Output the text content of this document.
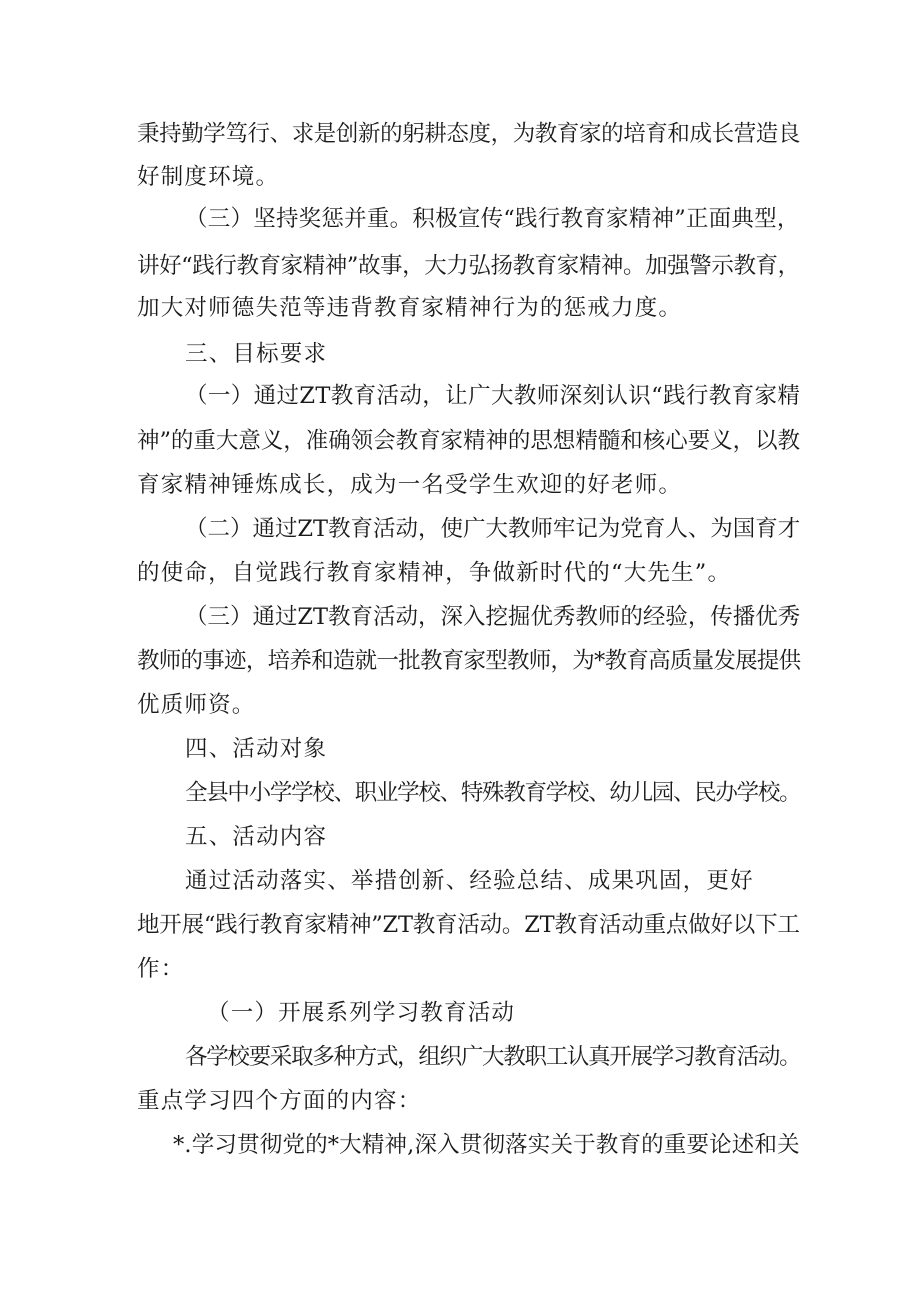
秉持勤学笃行、求是创新的躬耕态度，为教育家的培育和成长营造良
好制度环境。
（三）坚持奖惩并重。积极宣传“践行教育家精神”正面典型，
讲好“践行教育家精神”故事，大力弘扬教育家精神。加强警示教育，
加大对师德失范等违背教育家精神行为的惩戒力度。
三、目标要求
（一）通过ZT教育活动，让广大教师深刻认识“践行教育家精
神”的重大意义，准确领会教育家精神的思想精髓和核心要义，以教
育家精神锤炼成长，成为一名受学生欢迎的好老师。
（二）通过ZT教育活动，使广大教师牢记为党育人、为国育才
的使命，自觉践行教育家精神，争做新时代的“大先生”。
（三）通过ZT教育活动，深入挖掘优秀教师的经验，传播优秀
教师的事迹，培养和造就一批教育家型教师，为*教育高质量发展提供
优质师资。
四、活动对象
全县中小学学校、职业学校、特殊教育学校、幼儿园、民办学校。
五、活动内容
通过活动落实、举措创新、经验总结、成果巩固，更好
地开展“践行教育家精神”ZT教育活动。ZT教育活动重点做好以下工
作：
（一）开展系列学习教育活动
各学校要采取多种方式，组织广大教职工认真开展学习教育活动。
重点学习四个方面的内容：
*.学习贯彻党的*大精神,深入贯彻落实关于教育的重要论述和关
